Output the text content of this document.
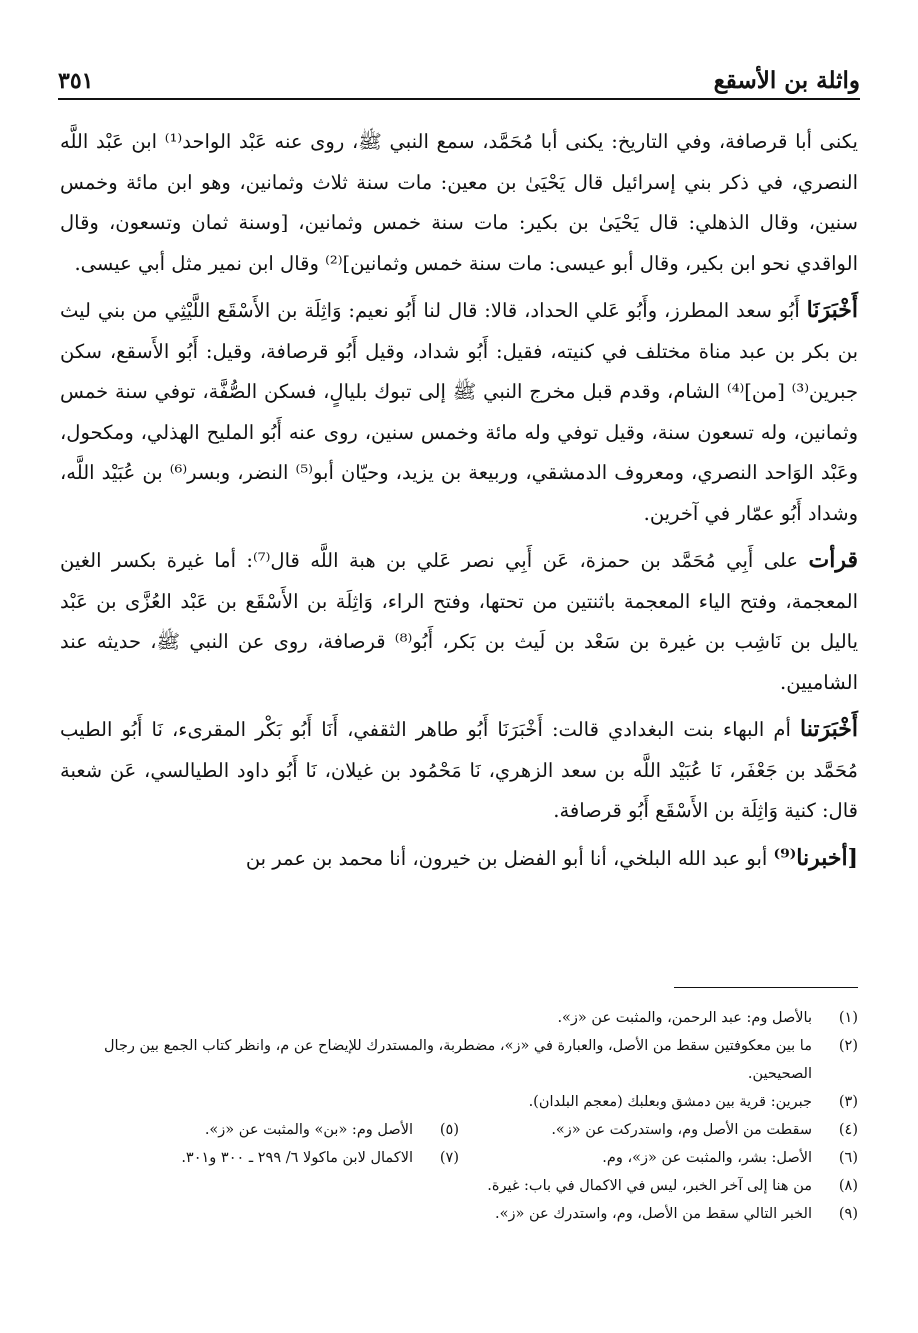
واثلة بن الأسقع
٣٥١

يكنى أبا قرصافة، وفي التاريخ: يكنى أبا مُحَمَّد، سمع النبي ﷺ، روى عنه عَبْد الواحد⁽¹⁾ ابن عَبْد اللَّه النصري، في ذكر بني إسرائيل قال يَحْيَىٰ بن معين: مات سنة ثلاث وثمانين، وهو ابن مائة وخمس سنين، وقال الذهلي: قال يَحْيَىٰ بن بكير: مات سنة خمس وثمانين، [وسنة ثمان وتسعون، وقال الواقدي نحو ابن بكير، وقال أبو عيسى: مات سنة خمس وثمانين]⁽²⁾ وقال ابن نمير مثل أبي عيسى.

أَخْبَرَنَا أَبُو سعد المطرز، وأَبُو عَلي الحداد، قالا: قال لنا أَبُو نعيم: وَاثِلَة بن الأَسْقَع اللَّيْثِي من بني ليث بن بكر بن عبد مناة مختلف في كنيته، فقيل: أَبُو شداد، وقيل أَبُو قرصافة، وقيل: أَبُو الأَسقع، سكن جبرين⁽³⁾ [من]⁽⁴⁾ الشام، وقدم قبل مخرج النبي ﷺ إلى تبوك بليالٍ، فسكن الصُّفَّة، توفي سنة خمس وثمانين، وله تسعون سنة، وقيل توفي وله مائة وخمس سنين، روى عنه أَبُو المليح الهذلي، ومكحول، وعَبْد الوَاحد النصري، ومعروف الدمشقي، وربيعة بن يزيد، وحيّان أبو⁽⁵⁾ النضر، وبسر⁽⁶⁾ بن عُبَيْد اللَّه، وشداد أَبُو عمّار في آخرين.

قرأت على أَبِي مُحَمَّد بن حمزة، عَن أَبِي نصر عَلي بن هبة اللَّه قال⁽⁷⁾: أما غيرة بكسر الغين المعجمة، وفتح الياء المعجمة باثنتين من تحتها، وفتح الراء، وَاثِلَة بن الأَسْقَع بن عَبْد العُزَّى بن عَبْد ياليل بن نَاشِب بن غيرة بن سَعْد بن لَيث بن بَكر، أَبُو⁽⁸⁾ قرصافة، روى عن النبي ﷺ، حديثه عند الشاميين.

أَخْبَرَتنا أم البهاء بنت البغدادي قالت: أَخْبَرَنَا أَبُو طاهر الثقفي، أَنَا أَبُو بَكْر المقرىء، نَا أَبُو الطيب مُحَمَّد بن جَعْفَر، نَا عُبَيْد اللَّه بن سعد الزهري، نَا مَحْمُود بن غيلان، نَا أَبُو داود الطيالسي، عَن شعبة قال: كنية وَاثِلَة بن الأَسْقَع أَبُو قرصافة.

[أخبرنا⁽⁹⁾ أبو عبد الله البلخي، أنا أبو الفضل بن خيرون، أنا محمد بن عمر بن

(١)
بالأصل وم: عبد الرحمن، والمثبت عن «ز».
(٢)
ما بين معكوفتين سقط من الأصل، والعبارة في «ز»، مضطربة، والمستدرك للإيضاح عن م، وانظر كتاب الجمع بين رجال الصحيحين.
(٣)
جبرين: قرية بين دمشق وبعلبك (معجم البلدان).
(٤)
سقطت من الأصل وم، واستدركت عن «ز».
(٥)
الأصل وم: «بن» والمثبت عن «ز».
(٦)
الأصل: بشر، والمثبت عن «ز»، وم.
(٧)
الاكمال لابن ماكولا ٦/ ٢٩٩ ـ ٣٠٠ و٣٠١.
(٨)
من هنا إلى آخر الخبر، ليس في الاكمال في باب: غيرة.
(٩)
الخبر التالي سقط من الأصل، وم، واستدرك عن «ز».
